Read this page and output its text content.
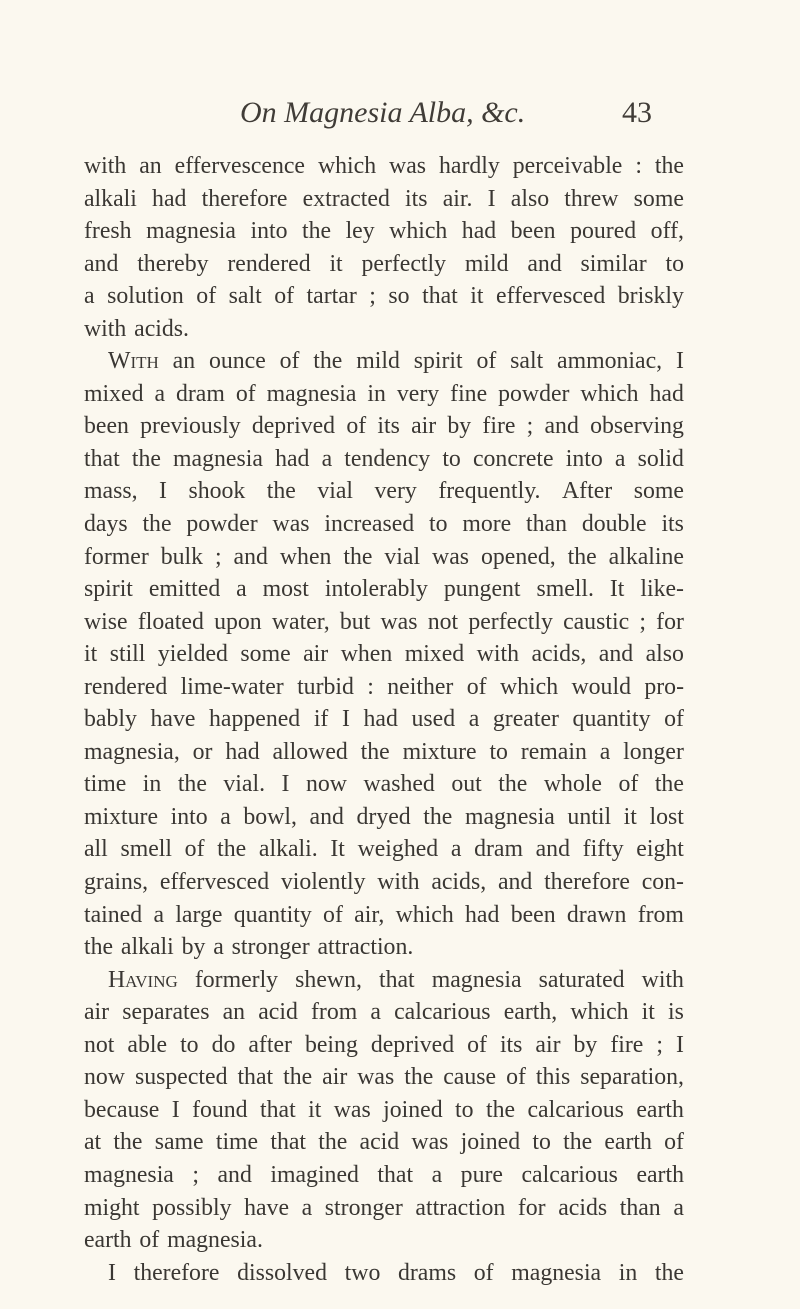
On Magnesia Alba, &c.	43
with an effervescence which was hardly perceivable : the
alkali had therefore extracted its air. I also threw some
fresh magnesia into the ley which had been poured off,
and thereby rendered it perfectly mild and similar to
a solution of salt of tartar ; so that it effervesced briskly
with acids.
With an ounce of the mild spirit of salt ammoniac, I
mixed a dram of magnesia in very fine powder which had
been previously deprived of its air by fire ; and observing
that the magnesia had a tendency to concrete into a solid
mass, I shook the vial very frequently. After some
days the powder was increased to more than double its
former bulk ; and when the vial was opened, the alkaline
spirit emitted a most intolerably pungent smell. It like-
wise floated upon water, but was not perfectly caustic ; for
it still yielded some air when mixed with acids, and also
rendered lime-water turbid : neither of which would pro-
bably have happened if I had used a greater quantity of
magnesia, or had allowed the mixture to remain a longer
time in the vial. I now washed out the whole of the
mixture into a bowl, and dryed the magnesia until it lost
all smell of the alkali. It weighed a dram and fifty eight
grains, effervesced violently with acids, and therefore con-
tained a large quantity of air, which had been drawn from
the alkali by a stronger attraction.
Having formerly shewn, that magnesia saturated with
air separates an acid from a calcarious earth, which it is
not able to do after being deprived of its air by fire ; I
now suspected that the air was the cause of this separation,
because I found that it was joined to the calcarious earth
at the same time that the acid was joined to the earth of
magnesia ; and imagined that a pure calcarious earth
might possibly have a stronger attraction for acids than a
earth of magnesia.
I therefore dissolved two drams of magnesia in the
